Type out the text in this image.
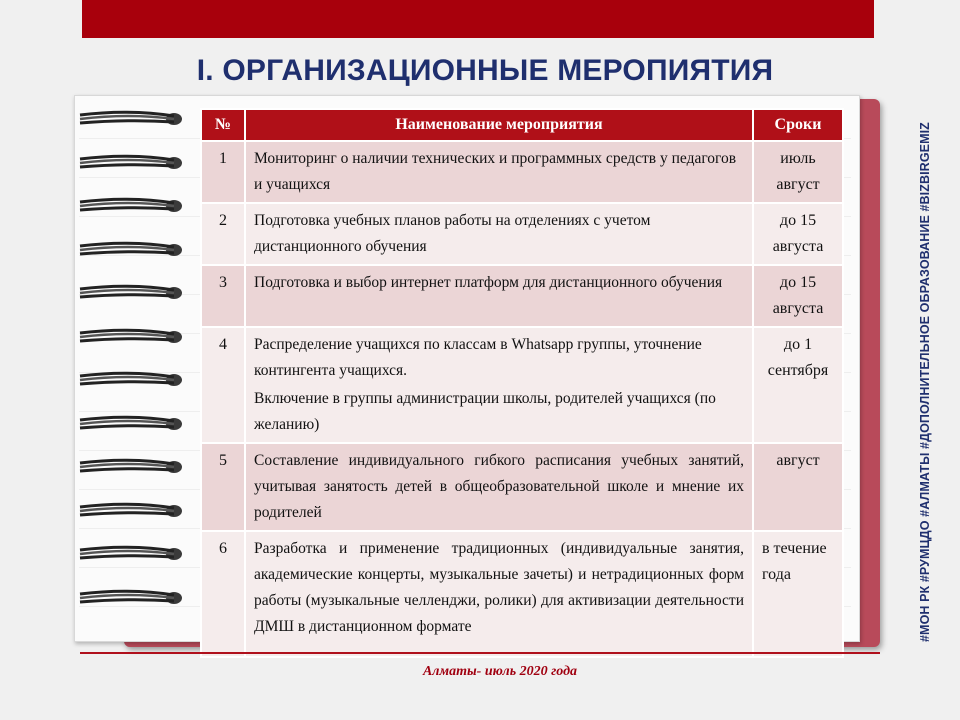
I. ОРГАНИЗАЦИОННЫЕ МЕРОПИЯТИЯ
№	Наименование мероприятия	Сроки
1	Мониторинг о наличии технических и программных средств у педагогов и учащихся	июль август
2	Подготовка учебных планов работы на отделениях с учетом дистанционного обучения	до 15 августа
3	Подготовка и выбор интернет платформ для дистанционного обучения	до 15 августа
4	Распределение учащихся по классам в Whatsapp группы, уточнение контингента учащихся.
Включение в группы администрации школы, родителей учащихся (по желанию)	до 1 сентября
5	Составление индивидуального гибкого расписания учебных занятий, учитывая занятость детей в общеобразовательной школе и мнение их родителей	август
6	Разработка и применение традиционных (индивидуальные занятия, академические концерты, музыкальные зачеты) и нетрадиционных форм работы (музыкальные челленджи, ролики) для активизации деятельности ДМШ в дистанционном формате	в течение года
Алматы- июль 2020 года
#МОН РК #РУМЦДО #АЛМАТЫ #ДОПОЛНИТЕЛЬНОЕ ОБРАЗОВАНИЕ #BIZBIRGEMIZ
